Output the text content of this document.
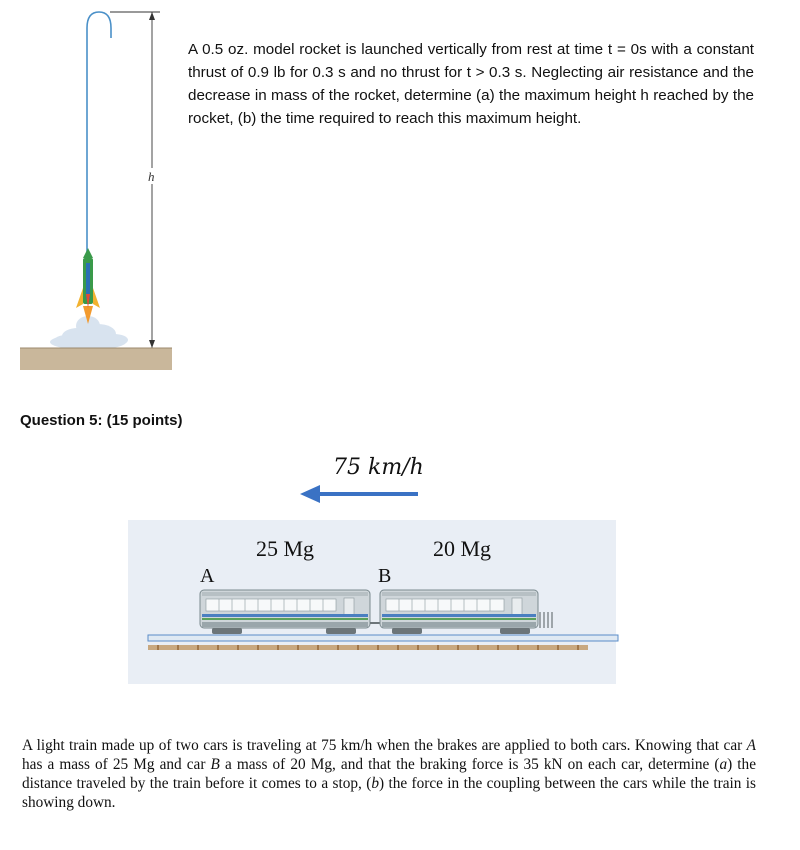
h
A 0.5 oz. model rocket is launched vertically from rest at time t = 0s with a constant thrust of 0.9 lb for 0.3 s and no thrust for t > 0.3 s. Neglecting air resistance and the decrease in mass of the rocket, determine (a) the maximum height h reached by the rocket, (b) the time required to reach this maximum height.
Question 5: (15 points)
75 km/h
25 Mg	20 Mg
A	B
A light train made up of two cars is traveling at 75 km/h when the brakes are applied to both cars. Knowing that car A has a mass of 25 Mg and car B a mass of 20 Mg, and that the braking force is 35 kN on each car, determine (a) the distance traveled by the train before it comes to a stop, (b) the force in the coupling between the cars while the train is showing down.
